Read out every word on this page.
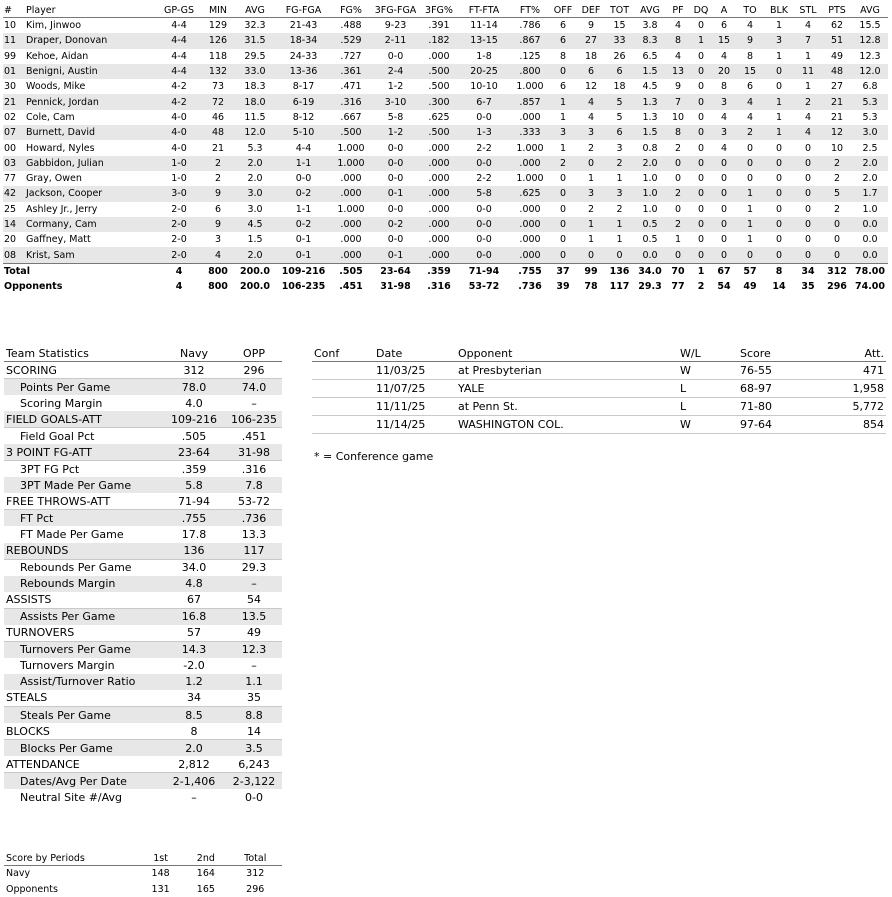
#	Player	GP-GS	MIN	AVG	FG-FGA	FG%	3FG-FGA	3FG%	FT-FTA	FT%	OFF	DEF	TOT	AVG	PF	DQ	A	TO	BLK	STL	PTS	AVG
10	Kim, Jinwoo	4-4	129	32.3	21-43	.488	9-23	.391	11-14	.786	6	9	15	3.8	4	0	6	4	1	4	62	15.5
11	Draper, Donovan	4-4	126	31.5	18-34	.529	2-11	.182	13-15	.867	6	27	33	8.3	8	1	15	9	3	7	51	12.8
99	Kehoe, Aidan	4-4	118	29.5	24-33	.727	0-0	.000	1-8	.125	8	18	26	6.5	4	0	4	8	1	1	49	12.3
01	Benigni, Austin	4-4	132	33.0	13-36	.361	2-4	.500	20-25	.800	0	6	6	1.5	13	0	20	15	0	11	48	12.0
30	Woods, Mike	4-2	73	18.3	8-17	.471	1-2	.500	10-10	1.000	6	12	18	4.5	9	0	8	6	0	1	27	6.8
21	Pennick, Jordan	4-2	72	18.0	6-19	.316	3-10	.300	6-7	.857	1	4	5	1.3	7	0	3	4	1	2	21	5.3
02	Cole, Cam	4-0	46	11.5	8-12	.667	5-8	.625	0-0	.000	1	4	5	1.3	10	0	4	4	1	4	21	5.3
07	Burnett, David	4-0	48	12.0	5-10	.500	1-2	.500	1-3	.333	3	3	6	1.5	8	0	3	2	1	4	12	3.0
00	Howard, Nyles	4-0	21	5.3	4-4	1.000	0-0	.000	2-2	1.000	1	2	3	0.8	2	0	4	0	0	0	10	2.5
03	Gabbidon, Julian	1-0	2	2.0	1-1	1.000	0-0	.000	0-0	.000	2	0	2	2.0	0	0	0	0	0	0	2	2.0
77	Gray, Owen	1-0	2	2.0	0-0	.000	0-0	.000	2-2	1.000	0	1	1	1.0	0	0	0	0	0	0	2	2.0
42	Jackson, Cooper	3-0	9	3.0	0-2	.000	0-1	.000	5-8	.625	0	3	3	1.0	2	0	0	1	0	0	5	1.7
25	Ashley Jr., Jerry	2-0	6	3.0	1-1	1.000	0-0	.000	0-0	.000	0	2	2	1.0	0	0	0	1	0	0	2	1.0
14	Cormany, Cam	2-0	9	4.5	0-2	.000	0-2	.000	0-0	.000	0	1	1	0.5	2	0	0	1	0	0	0	0.0
20	Gaffney, Matt	2-0	3	1.5	0-1	.000	0-0	.000	0-0	.000	0	1	1	0.5	1	0	0	1	0	0	0	0.0
08	Krist, Sam	2-0	4	2.0	0-1	.000	0-1	.000	0-0	.000	0	0	0	0.0	0	0	0	0	0	0	0	0.0
Total		4	800	200.0	109-216	.505	23-64	.359	71-94	.755	37	99	136	34.0	70	1	67	57	8	34	312	78.00
Opponents		4	800	200.0	106-235	.451	31-98	.316	53-72	.736	39	78	117	29.3	77	2	54	49	14	35	296	74.00
Team Statistics	Navy	OPP
SCORING	312	296
Points Per Game	78.0	74.0
Scoring Margin	4.0	–
FIELD GOALS-ATT	109-216	106-235
Field Goal Pct	.505	.451
3 POINT FG-ATT	23-64	31-98
3PT FG Pct	.359	.316
3PT Made Per Game	5.8	7.8
FREE THROWS-ATT	71-94	53-72
FT Pct	.755	.736
FT Made Per Game	17.8	13.3
REBOUNDS	136	117
Rebounds Per Game	34.0	29.3
Rebounds Margin	4.8	–
ASSISTS	67	54
Assists Per Game	16.8	13.5
TURNOVERS	57	49
Turnovers Per Game	14.3	12.3
Turnovers Margin	-2.0	–
Assist/Turnover Ratio	1.2	1.1
STEALS	34	35
Steals Per Game	8.5	8.8
BLOCKS	8	14
Blocks Per Game	2.0	3.5
ATTENDANCE	2,812	6,243
Dates/Avg Per Date	2-1,406	2-3,122
Neutral Site #/Avg	–	0-0
Conf	Date	Opponent	W/L	Score	Att.
	11/03/25	at Presbyterian	W	76-55	471
	11/07/25	YALE	L	68-97	1,958
	11/11/25	at Penn St.	L	71-80	5,772
	11/14/25	WASHINGTON COL.	W	97-64	854
* = Conference game
Score by Periods	1st	2nd	Total
Navy	148	164	312
Opponents	131	165	296
